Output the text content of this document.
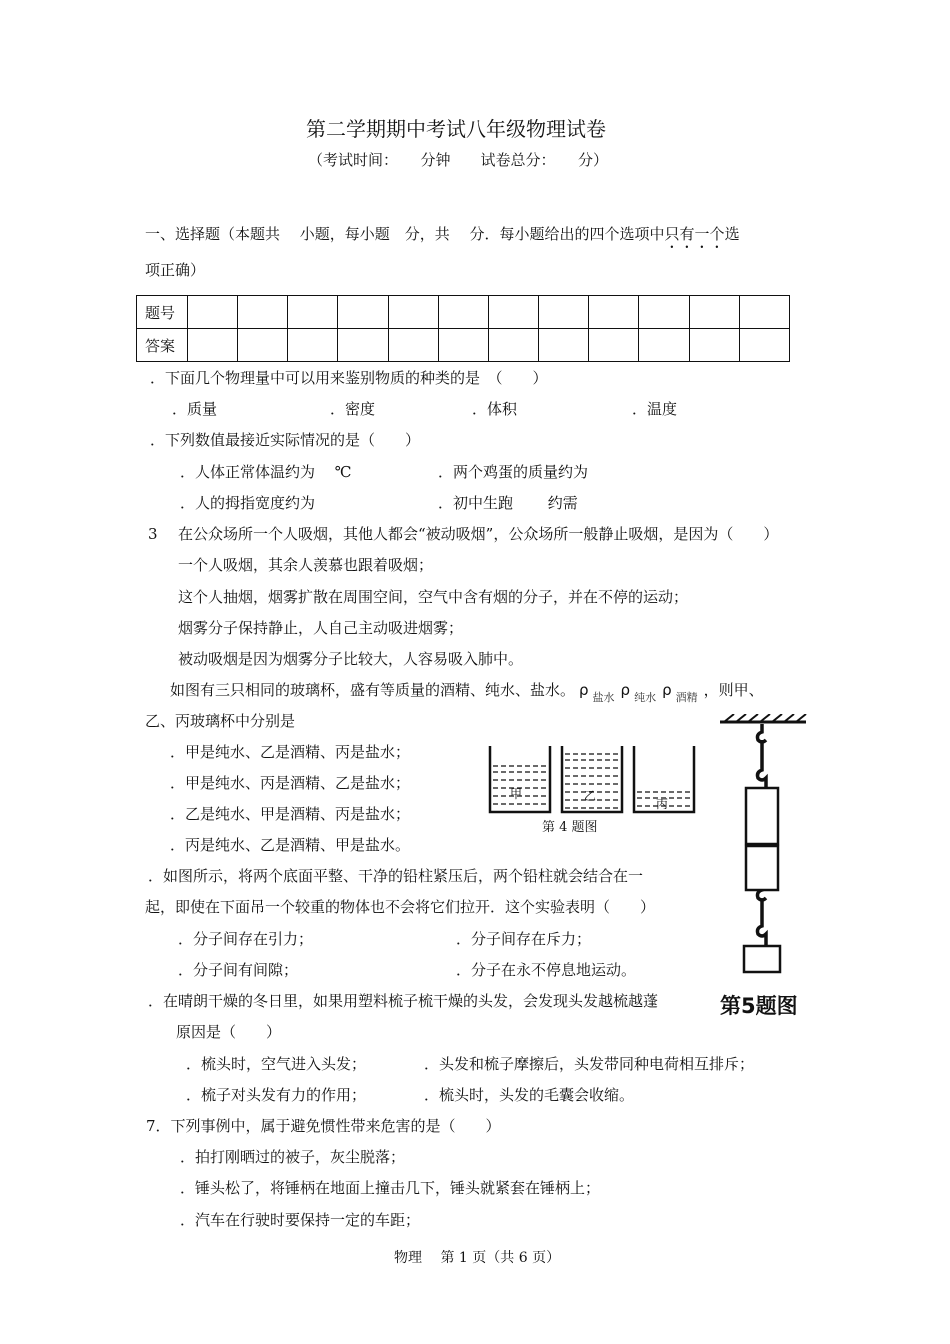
第二学期期中考试八年级物理试卷
（考试时间：　　分钟　　试卷总分：　　分）
一、选择题（本题共　 小题，每小题　分，共　 分．每小题给出的四个选项中只有一个选
项正确）
题号												
答案												
．下面几个物理量中可以用来鉴别物质的种类的是　（　　）
．质量	．密度	．体积	．温度
．下列数值最接近实际情况的是（　　）
．人体正常体温约为　 ℃	．两个鸡蛋的质量约为
．人的拇指宽度约为	．初中生跑　　 约需
3 在公众场所一个人吸烟，其他人都会“被动吸烟”，公众场所一般静止吸烟，是因为（　　）
一个人吸烟，其余人羡慕也跟着吸烟；
这个人抽烟，烟雾扩散在周围空间，空气中含有烟的分子，并在不停的运动；
烟雾分子保持静止，人自己主动吸进烟雾；
被动吸烟是因为烟雾分子比较大，人容易吸入肺中。
如图有三只相同的玻璃杯，盛有等质量的酒精、纯水、盐水。 ρ $_{盐水}$ ρ $_{纯水}$ ρ $_{酒精}$ ，则甲、
乙、丙玻璃杯中分别是
．甲是纯水、乙是酒精、丙是盐水；
．甲是纯水、丙是酒精、乙是盐水；
．乙是纯水、甲是酒精、丙是盐水；
．丙是纯水、乙是酒精、甲是盐水。
甲	乙
丙
第 4 题图
第5题图
．如图所示，将两个底面平整、干净的铅柱紧压后，两个铅柱就会结合在一
起，即使在下面吊一个较重的物体也不会将它们拉开．这个实验表明（　　）
．分子间存在引力；	．分子间存在斥力；
．分子间有间隙；	．分子在永不停息地运动。
．在晴朗干燥的冬日里，如果用塑料梳子梳干燥的头发，会发现头发越梳越蓬
原因是（　　）
．梳头时，空气进入头发；	．头发和梳子摩擦后，头发带同种电荷相互排斥；
．梳子对头发有力的作用；	．梳头时，头发的毛囊会收缩。
7．下列事例中，属于避免惯性带来危害的是（　　）
．拍打刚晒过的被子，灰尘脱落；
．锤头松了，将锤柄在地面上撞击几下，锤头就紧套在锤柄上；
．汽车在行驶时要保持一定的车距；
物理　 第 1 页（共 6 页）
